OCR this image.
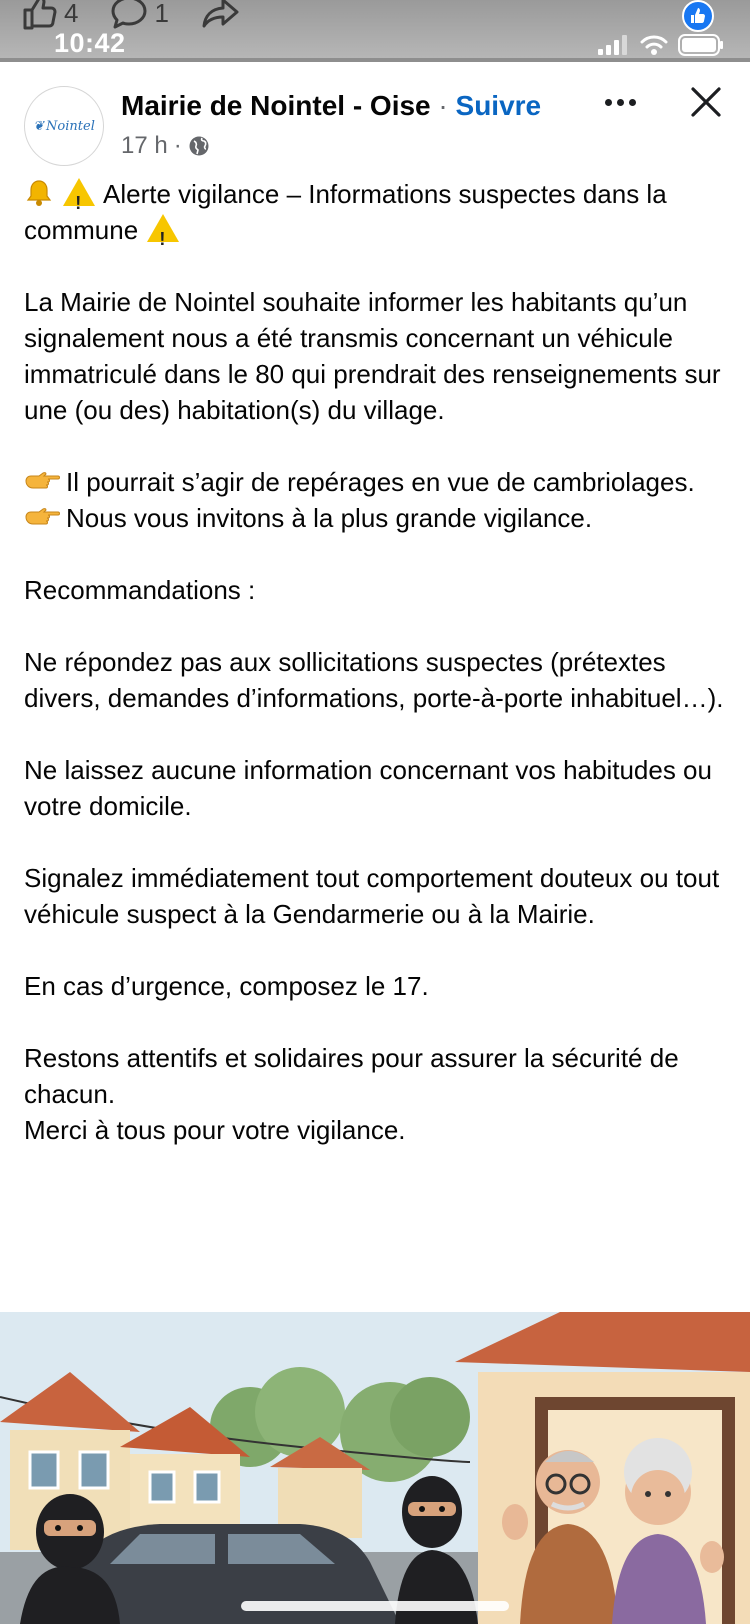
4	1
10:42
❦ Nointel
Mairie de Nointel - Oise · Suivre
17 h ·

! Alerte vigilance – Informations suspectes dans la commune !

La Mairie de Nointel souhaite informer les habitants qu’un signalement nous a été transmis concernant un véhicule immatriculé dans le 80 qui prendrait des renseignements sur une (ou des) habitation(s) du village.

Il pourrait s’agir de repérages en vue de cambriolages.

Nous vous invitons à la plus grande vigilance.

Recommandations :

Ne répondez pas aux sollicitations suspectes (prétextes divers, demandes d’informations, porte-à-porte inhabituel…).

Ne laissez aucune information concernant vos habitudes ou votre domicile.

Signalez immédiatement tout comportement douteux ou tout véhicule suspect à la Gendarmerie ou à la Mairie.

En cas d’urgence, composez le 17.

Restons attentifs et solidaires pour assurer la sécurité de chacun.

Merci à tous pour votre vigilance.
